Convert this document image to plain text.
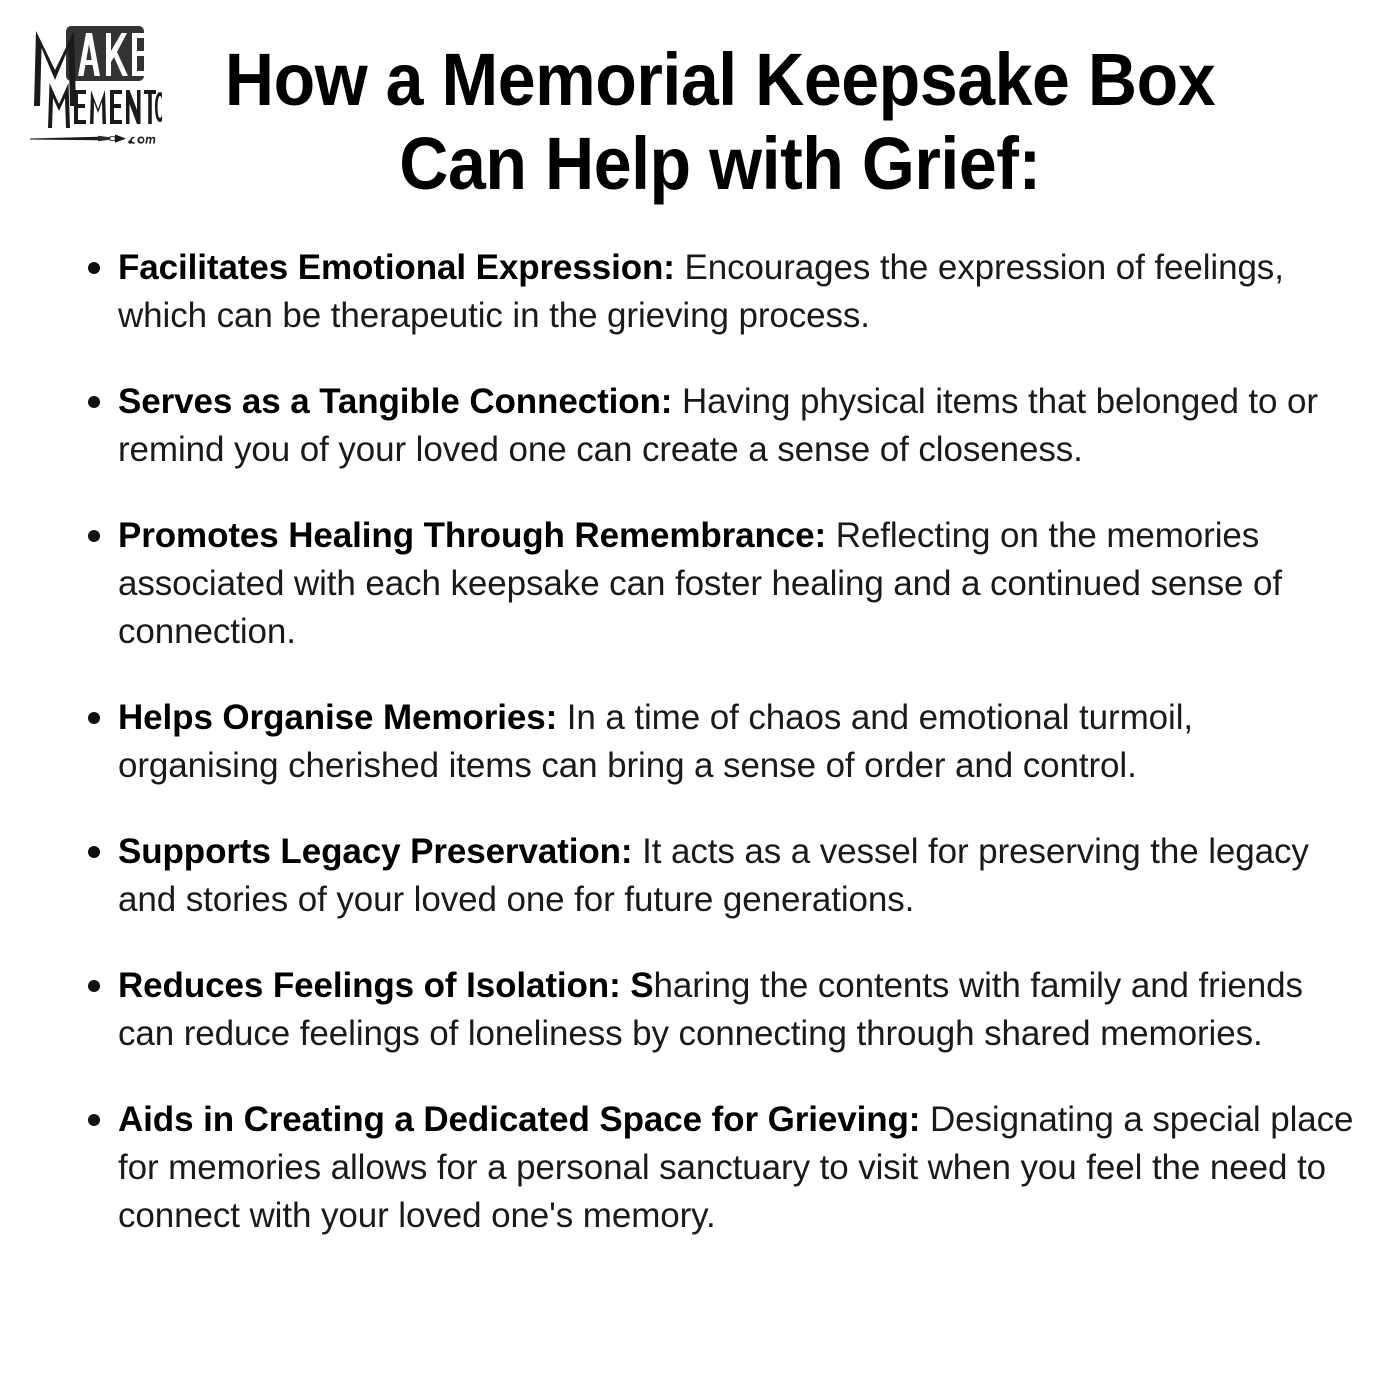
How a Memorial Keepsake Box
Can Help with Grief:
Facilitates Emotional Expression: Encourages the expression of feelings, which can be therapeutic in the grieving process.
Serves as a Tangible Connection: Having physical items that belonged to or remind you of your loved one can create a sense of closeness.
Promotes Healing Through Remembrance: Reflecting on the memories associated with each keepsake can foster healing and a continued sense of connection.
Helps Organise Memories: In a time of chaos and emotional turmoil, organising cherished items can bring a sense of order and control.
Supports Legacy Preservation: It acts as a vessel for preserving the legacy and stories of your loved one for future generations.
Reduces Feelings of Isolation: Sharing the contents with family and friends can reduce feelings of loneliness by connecting through shared memories.
Aids in Creating a Dedicated Space for Grieving: Designating a special place for memories allows for a personal sanctuary to visit when you feel the need to connect with your loved one's memory.
